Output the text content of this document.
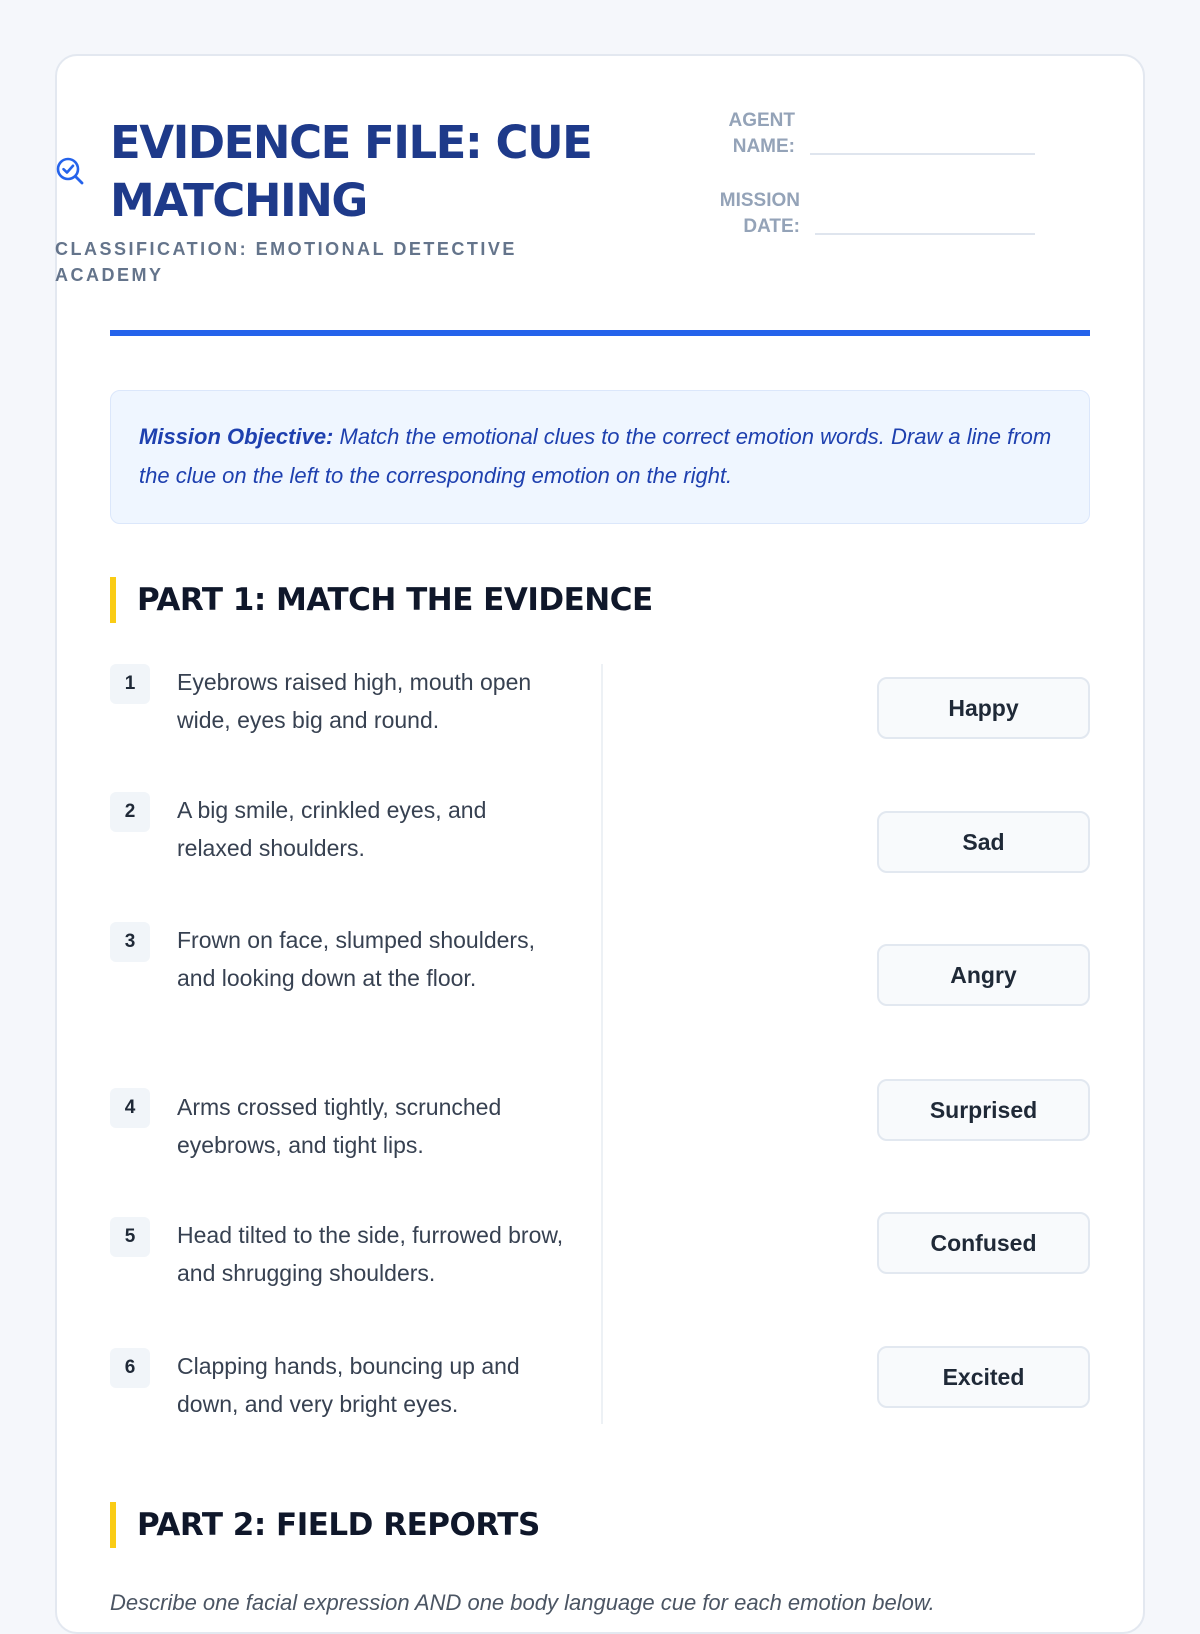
EVIDENCE FILE: CUE MATCHING
CLASSIFICATION: EMOTIONAL DETECTIVE ACADEMY
AGENT
NAME:
MISSION
DATE:
Mission Objective: Match the emotional clues to the correct emotion words. Draw a line from the clue on the left to the corresponding emotion on the right.
PART 1: MATCH THE EVIDENCE
1	Eyebrows raised high, mouth open wide, eyes big and round.
2	A big smile, crinkled eyes, and relaxed shoulders.
3	Frown on face, slumped shoulders, and looking down at the floor.
4	Arms crossed tightly, scrunched eyebrows, and tight lips.
5	Head tilted to the side, furrowed brow, and shrugging shoulders.
6	Clapping hands, bouncing up and down, and very bright eyes.
Happy
Sad
Angry
Surprised
Confused
Excited
PART 2: FIELD REPORTS
Describe one facial expression AND one body language cue for each emotion below.
